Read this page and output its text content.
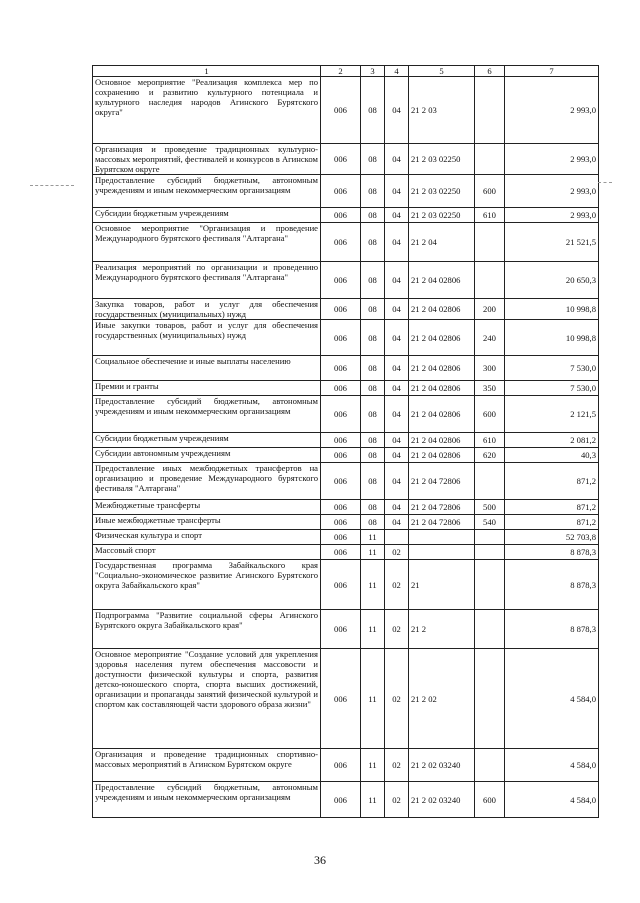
1	2	3	4	5	6	7
Основное мероприятие "Реализация комплекса мер по сохранению и развитию культурного потенциала и культурного наследия народов Агинского Бурятского округа"	006	08	04	21 2 03		2 993,0
Организация и проведение традиционных культурно-массовых мероприятий, фестивалей и конкурсов в Агинском Бурятском округе	006	08	04	21 2 03 02250		2 993,0
Предоставление субсидий бюджетным, автономным учреждениям и иным некоммерческим организациям	006	08	04	21 2 03 02250	600	2 993,0
Субсидии бюджетным учреждениям	006	08	04	21 2 03 02250	610	2 993,0
Основное мероприятие "Организация и проведение Международного бурятского фестиваля "Алтаргана"	006	08	04	21 2 04		21 521,5
Реализация мероприятий по организации и проведению Международного бурятского фестиваля "Алтаргана"	006	08	04	21 2 04 02806		20 650,3
Закупка товаров, работ и услуг для обеспечения государственных (муниципальных) нужд	006	08	04	21 2 04 02806	200	10 998,8
Иные закупки товаров, работ и услуг для обеспечения государственных (муниципальных) нужд	006	08	04	21 2 04 02806	240	10 998,8
Социальное обеспечение и иные выплаты населению	006	08	04	21 2 04 02806	300	7 530,0
Премии и гранты	006	08	04	21 2 04 02806	350	7 530,0
Предоставление субсидий бюджетным, автономным учреждениям и иным некоммерческим организациям	006	08	04	21 2 04 02806	600	2 121,5
Субсидии бюджетным учреждениям	006	08	04	21 2 04 02806	610	2 081,2
Субсидии автономным учреждениям	006	08	04	21 2 04 02806	620	40,3
Предоставление иных межбюджетных трансфертов на организацию и проведение Международного бурятского фестиваля "Алтаргана"	006	08	04	21 2 04 72806		871,2
Межбюджетные трансферты	006	08	04	21 2 04 72806	500	871,2
Иные межбюджетные трансферты	006	08	04	21 2 04 72806	540	871,2
Физическая культура и спорт	006	11				52 703,8
Массовый спорт	006	11	02			8 878,3
Государственная программа Забайкальского края "Социально-экономическое развитие Агинского Бурятского округа Забайкальского края"	006	11	02	21		8 878,3
Подпрограмма "Развитие социальной сферы Агинского Бурятского округа Забайкальского края"	006	11	02	21 2		8 878,3
Основное мероприятие "Создание условий для укрепления здоровья населения путем обеспечения массовости и доступности физической культуры и спорта, развития детско-юношеского спорта, спорта высших достижений, организации и пропаганды занятий физической культурой и спортом как составляющей части здорового образа жизни"	006	11	02	21 2 02		4 584,0
Организация и проведение традиционных спортивно-массовых мероприятий в Агинском Бурятском округе	006	11	02	21 2 02 03240		4 584,0
Предоставление субсидий бюджетным, автономным учреждениям и иным некоммерческим организациям	006	11	02	21 2 02 03240	600	4 584,0
36
